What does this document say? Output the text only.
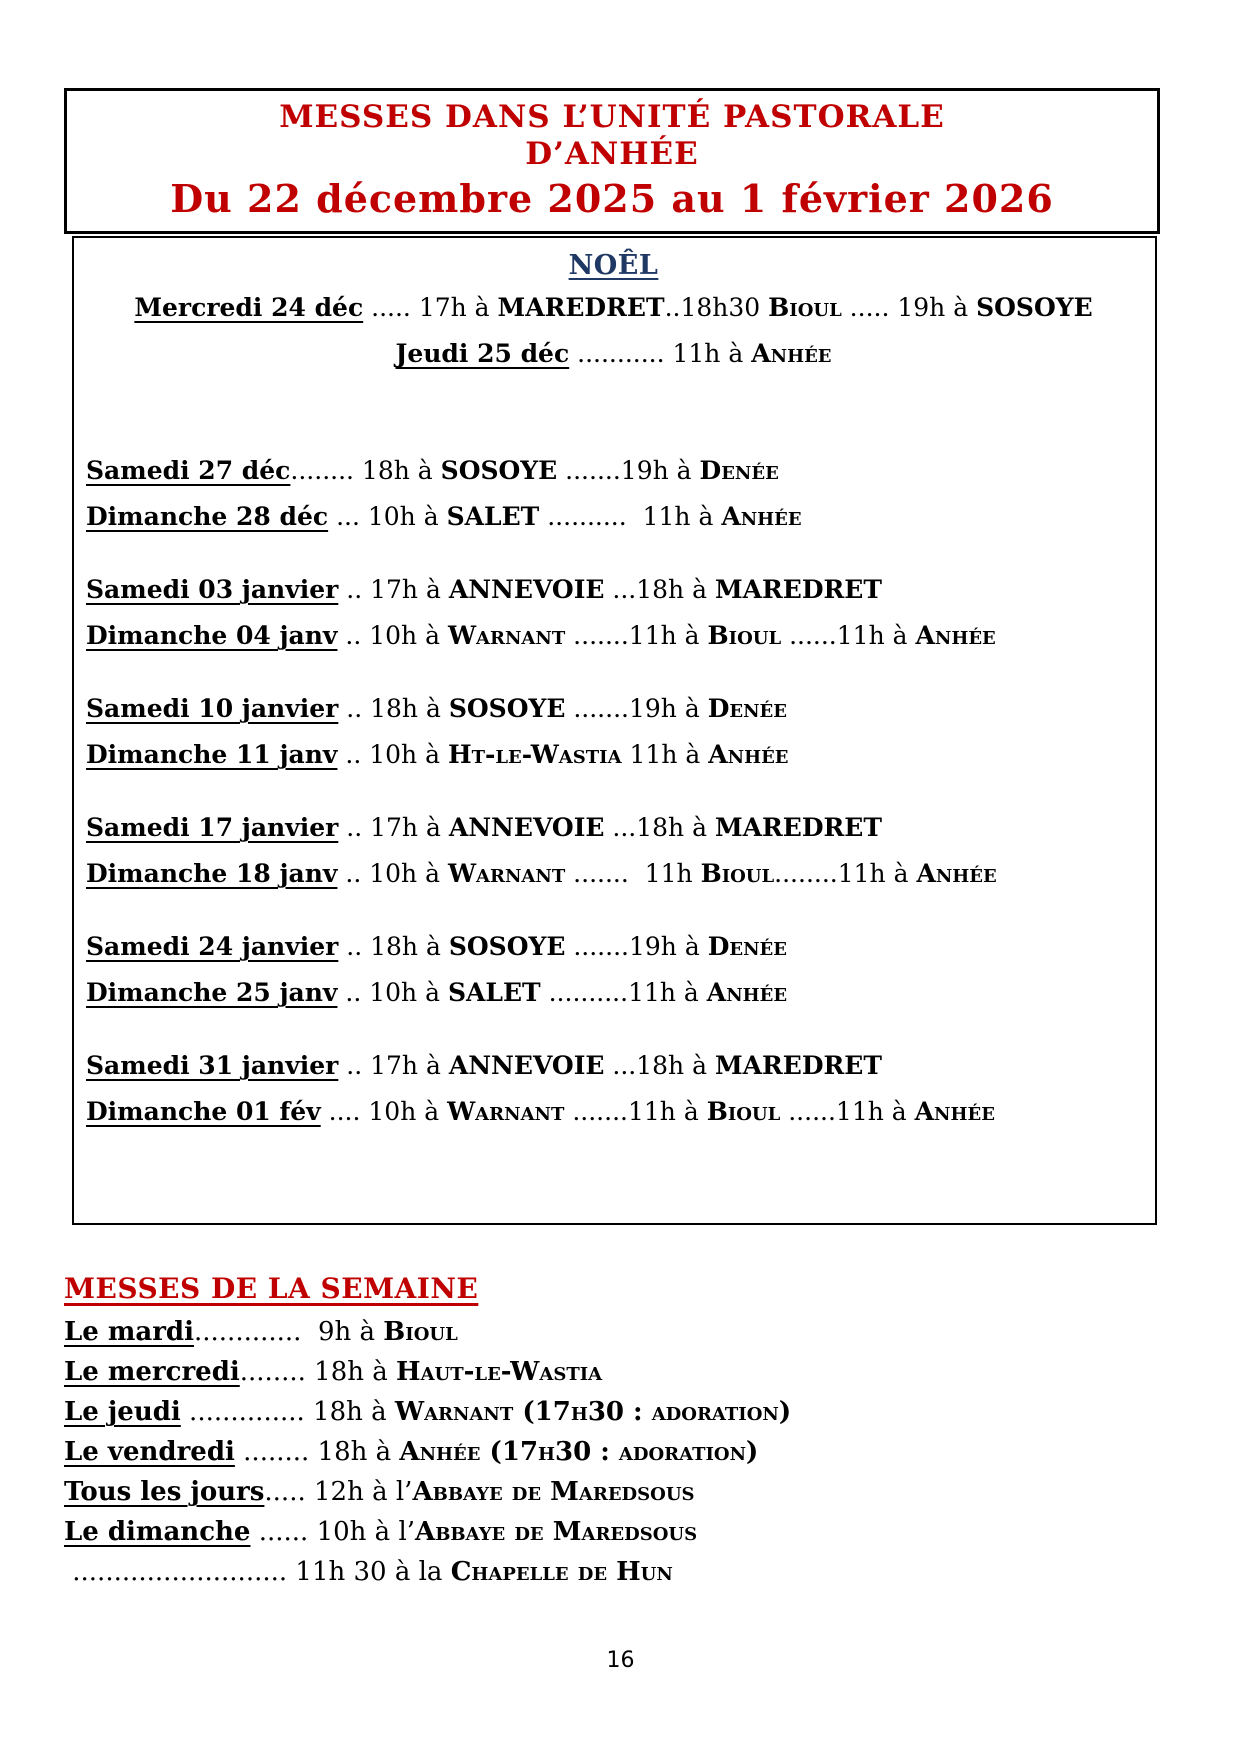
MESSES DANS L’UNITÉ PASTORALE
D’ANHÉE
Du 22 décembre 2025 au 1 février 2026
NOÊL
Mercredi 24 déc ..... 17h à MAREDRET..18h30 Bioul ..... 19h à SOSOYE
Jeudi 25 déc ........... 11h à Anhée
Samedi 27 déc........ 18h à SOSOYE .......19h à Denée
Dimanche 28 déc ... 10h à SALET ..........  11h à Anhée
Samedi 03 janvier .. 17h à ANNEVOIE ...18h à MAREDRET
Dimanche 04 janv .. 10h à Warnant .......11h à Bioul ......11h à Anhée
Samedi 10 janvier .. 18h à SOSOYE .......19h à Denée
Dimanche 11 janv .. 10h à Ht-le-Wastia 11h à Anhée
Samedi 17 janvier .. 17h à ANNEVOIE ...18h à MAREDRET
Dimanche 18 janv .. 10h à Warnant .......  11h Bioul........11h à Anhée
Samedi 24 janvier .. 18h à SOSOYE .......19h à Denée
Dimanche 25 janv .. 10h à SALET ..........11h à Anhée
Samedi 31 janvier .. 17h à ANNEVOIE ...18h à MAREDRET
Dimanche 01 fév .... 10h à Warnant .......11h à Bioul ......11h à Anhée
MESSES DE LA SEMAINE
Le mardi.............  9h à Bioul
Le mercredi........ 18h à Haut-le-Wastia
Le jeudi .............. 18h à Warnant (17h30 : adoration)
Le vendredi ........ 18h à Anhée (17h30 : adoration)
Tous les jours..... 12h à l’Abbaye de Maredsous
Le dimanche ...... 10h à l’Abbaye de Maredsous
.......................... 11h 30 à la Chapelle de Hun
16
